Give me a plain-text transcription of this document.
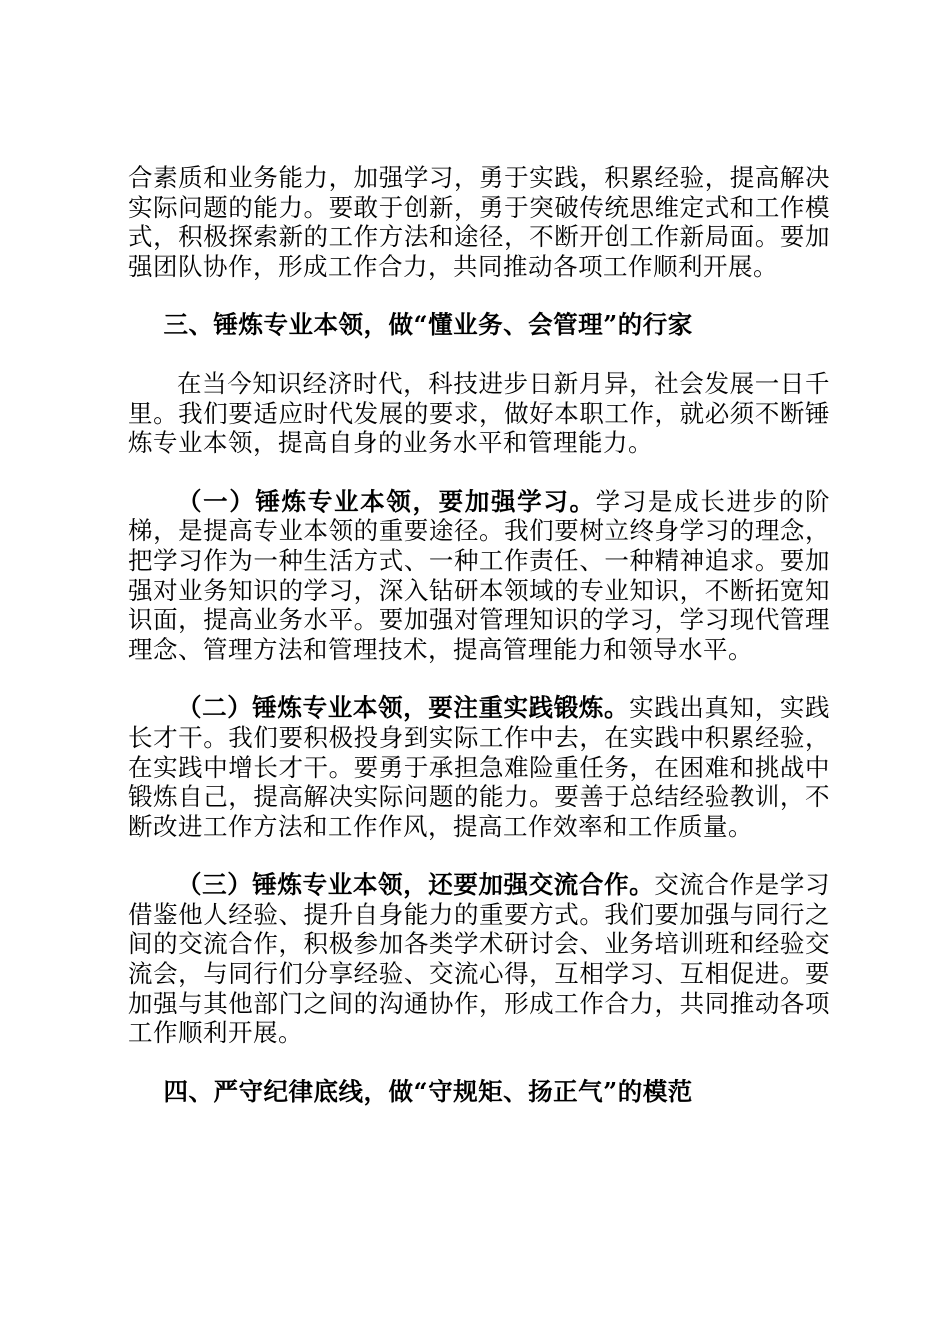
合素质和业务能力，加强学习，勇于实践，积累经验，提高解决实际问题的能力。要敢于创新，勇于突破传统思维定式和工作模式，积极探索新的工作方法和途径，不断开创工作新局面。要加强团队协作，形成工作合力，共同推动各项工作顺利开展。

三、锤炼专业本领，做“懂业务、会管理”的行家

在当今知识经济时代，科技进步日新月异，社会发展一日千里。我们要适应时代发展的要求，做好本职工作，就必须不断锤炼专业本领，提高自身的业务水平和管理能力。

（一）锤炼专业本领，要加强学习。学习是成长进步的阶梯，是提高专业本领的重要途径。我们要树立终身学习的理念，把学习作为一种生活方式、一种工作责任、一种精神追求。要加强对业务知识的学习，深入钻研本领域的专业知识，不断拓宽知识面，提高业务水平。要加强对管理知识的学习，学习现代管理理念、管理方法和管理技术，提高管理能力和领导水平。

（二）锤炼专业本领，要注重实践锻炼。实践出真知，实践长才干。我们要积极投身到实际工作中去，在实践中积累经验，在实践中增长才干。要勇于承担急难险重任务，在困难和挑战中锻炼自己，提高解决实际问题的能力。要善于总结经验教训，不断改进工作方法和工作作风，提高工作效率和工作质量。

（三）锤炼专业本领，还要加强交流合作。交流合作是学习借鉴他人经验、提升自身能力的重要方式。我们要加强与同行之间的交流合作，积极参加各类学术研讨会、业务培训班和经验交流会，与同行们分享经验、交流心得，互相学习、互相促进。要加强与其他部门之间的沟通协作，形成工作合力，共同推动各项工作顺利开展。

四、严守纪律底线，做“守规矩、扬正气”的模范
